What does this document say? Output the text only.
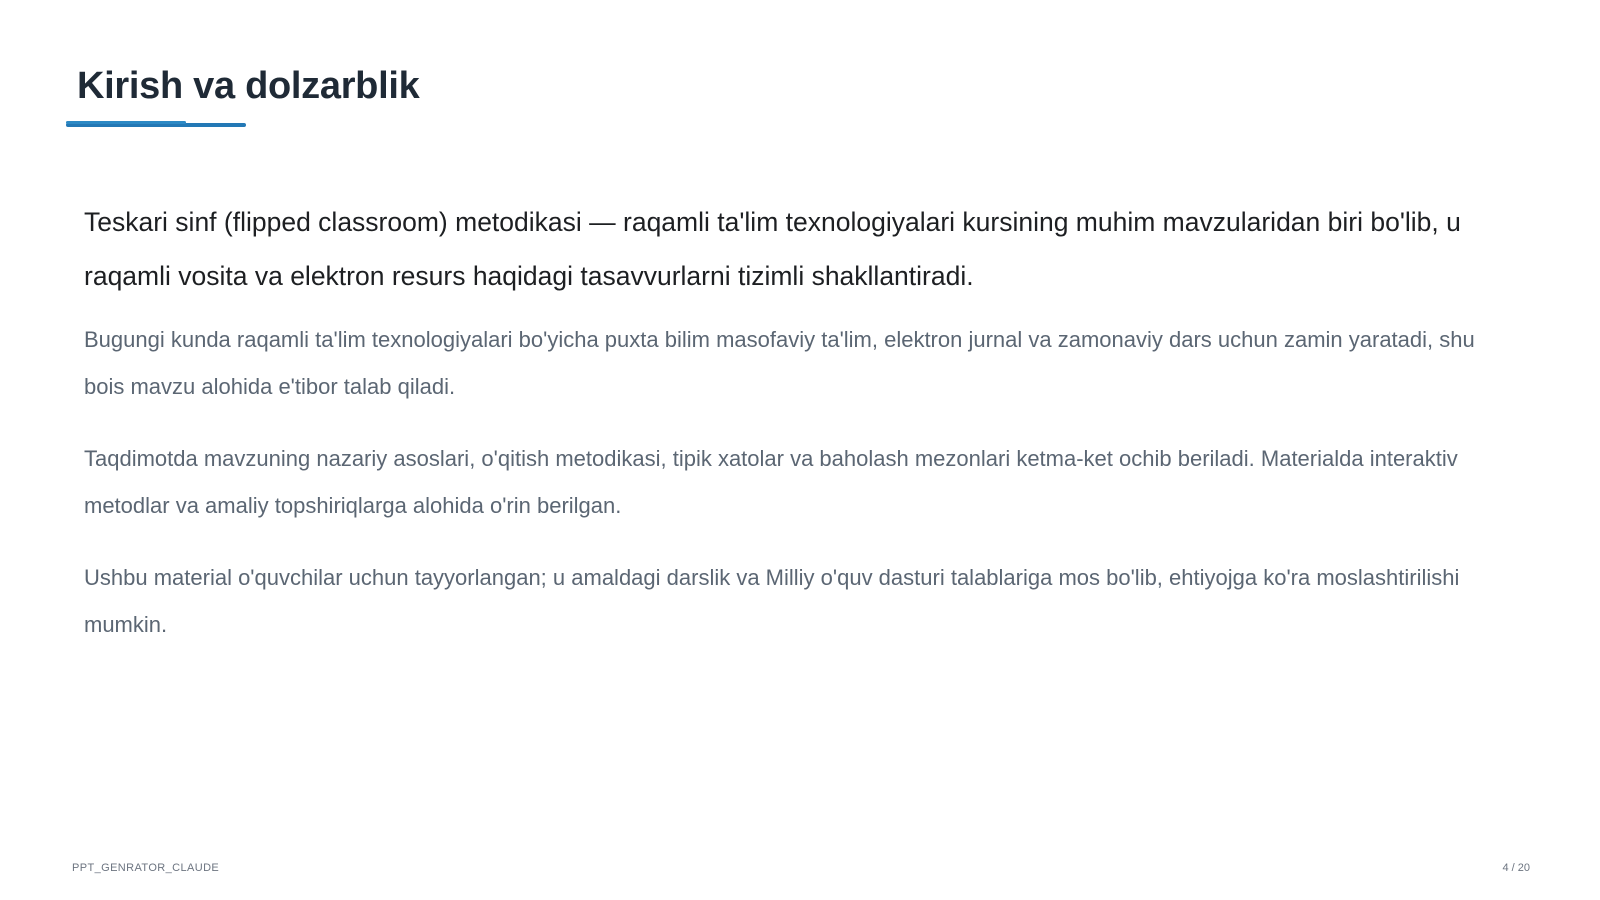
Kirish va dolzarblik

Teskari sinf (flipped classroom) metodikasi — raqamli ta'lim texnologiyalari kursining muhim mavzularidan biri bo'lib, u raqamli vosita va elektron resurs haqidagi tasavvurlarni tizimli shakllantiradi.

Bugungi kunda raqamli ta'lim texnologiyalari bo'yicha puxta bilim masofaviy ta'lim, elektron jurnal va zamonaviy dars uchun zamin yaratadi, shu bois mavzu alohida e'tibor talab qiladi.

Taqdimotda mavzuning nazariy asoslari, o'qitish metodikasi, tipik xatolar va baholash mezonlari ketma-ket ochib beriladi. Materialda interaktiv metodlar va amaliy topshiriqlarga alohida o'rin berilgan.

Ushbu material o'quvchilar uchun tayyorlangan; u amaldagi darslik va Milliy o'quv dasturi talablariga mos bo'lib, ehtiyojga ko'ra moslashtirilishi mumkin.

PPT_GENRATOR_CLAUDE	4 / 20
